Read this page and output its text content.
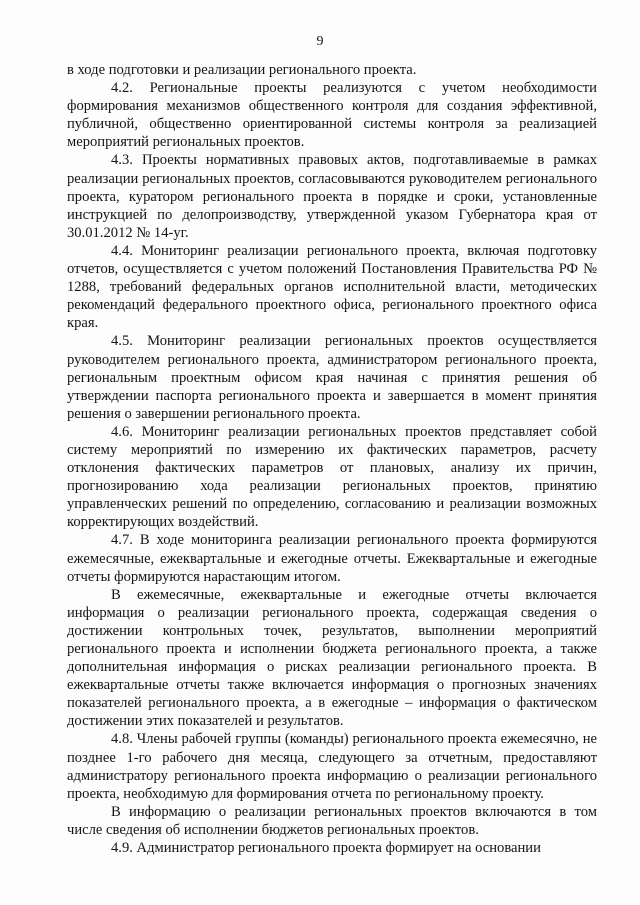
9

в ходе подготовки и реализации регионального проекта.

4.2. Региональные проекты реализуются с учетом необходимости формирования механизмов общественного контроля для создания эффективной, публичной, общественно ориентированной системы контроля за реализацией мероприятий региональных проектов.

4.3. Проекты нормативных правовых актов, подготавливаемые в рамках реализации региональных проектов, согласовываются руководителем регионального проекта, куратором регионального проекта в порядке и сроки, установленные инструкцией по делопроизводству, утвержденной указом Губернатора края от 30.01.2012 № 14-уг.

4.4. Мониторинг реализации регионального проекта, включая подготовку отчетов, осуществляется с учетом положений Постановления Правительства РФ № 1288, требований федеральных органов исполнительной власти, методических рекомендаций федерального проектного офиса, регионального проектного офиса края.

4.5. Мониторинг реализации региональных проектов осуществляется руководителем регионального проекта, администратором регионального проекта, региональным проектным офисом края начиная с принятия решения об утверждении паспорта регионального проекта и завершается в момент принятия решения о завершении регионального проекта.

4.6. Мониторинг реализации региональных проектов представляет собой систему мероприятий по измерению их фактических параметров, расчету отклонения фактических параметров от плановых, анализу их причин, прогнозированию хода реализации региональных проектов, принятию управленческих решений по определению, согласованию и реализации возможных корректирующих воздействий.

4.7. В ходе мониторинга реализации регионального проекта формируются ежемесячные, ежеквартальные и ежегодные отчеты. Ежеквартальные и ежегодные отчеты формируются нарастающим итогом.

В ежемесячные, ежеквартальные и ежегодные отчеты включается информация о реализации регионального проекта, содержащая сведения о достижении контрольных точек, результатов, выполнении мероприятий регионального проекта и исполнении бюджета регионального проекта, а также дополнительная информация о рисках реализации регионального проекта. В ежеквартальные отчеты также включается информация о прогнозных значениях показателей регионального проекта, а в ежегодные – информация о фактическом достижении этих показателей и результатов.

4.8. Члены рабочей группы (команды) регионального проекта ежемесячно, не позднее 1-го рабочего дня месяца, следующего за отчетным, предоставляют администратору регионального проекта информацию о реализации регионального проекта, необходимую для формирования отчета по региональному проекту.

В информацию о реализации региональных проектов включаются в том числе сведения об исполнении бюджетов региональных проектов.

4.9. Администратор регионального проекта формирует на основании
